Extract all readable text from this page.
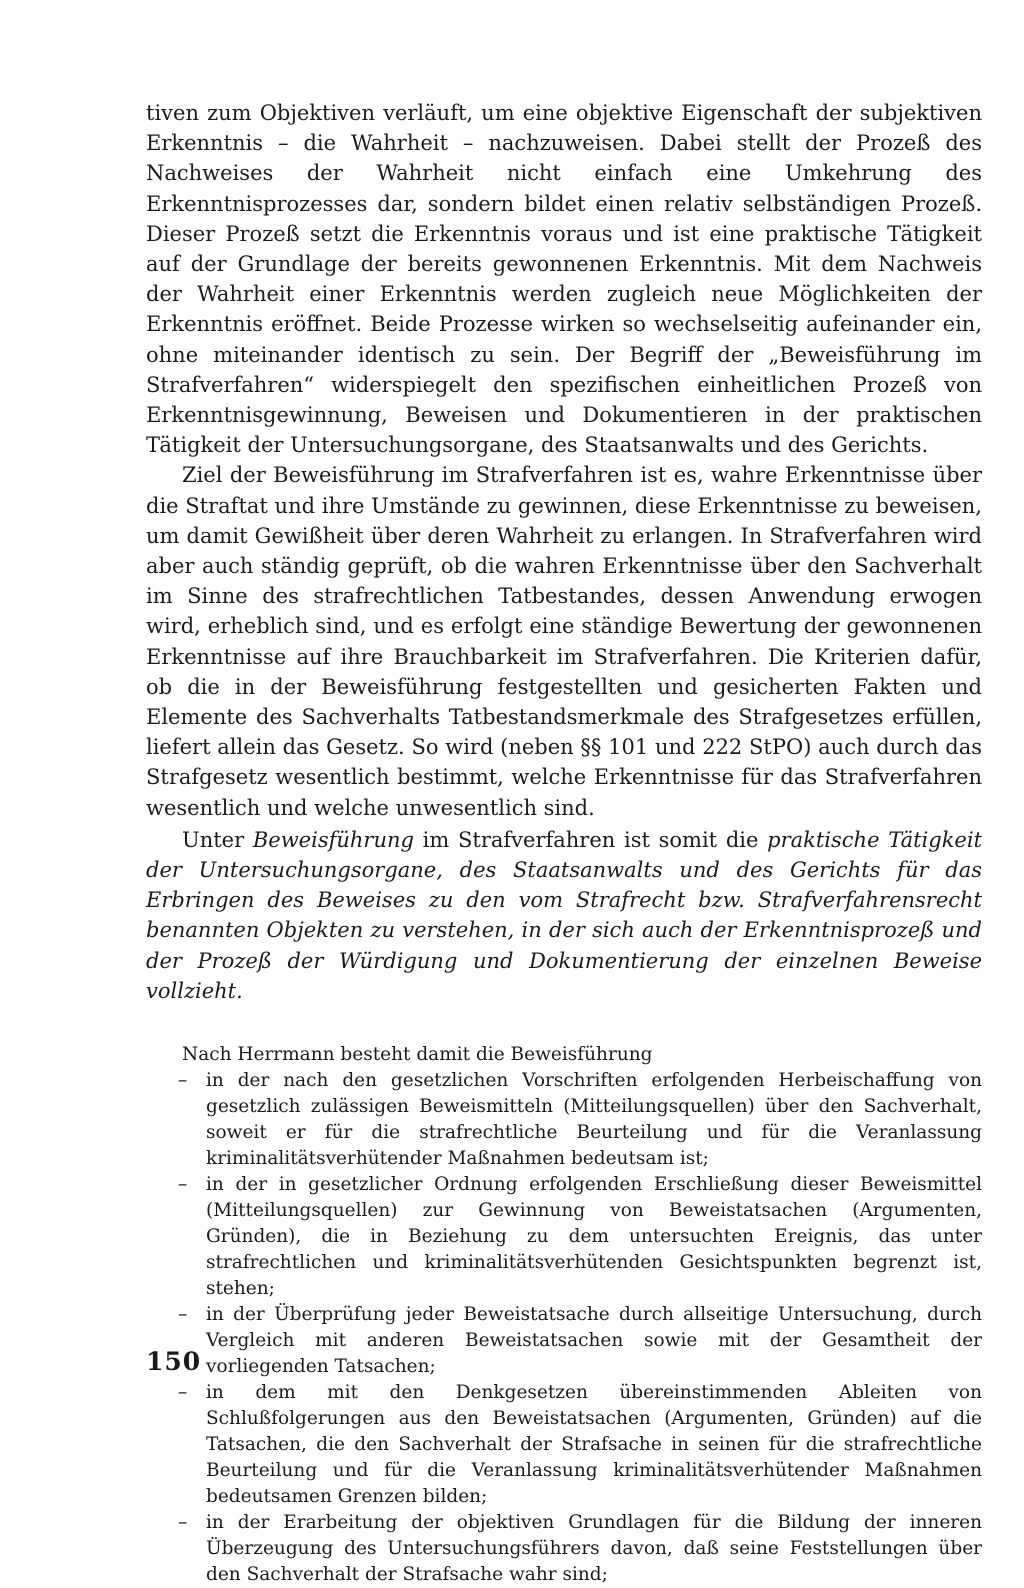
tiven zum Objektiven verläuft, um eine objektive Eigenschaft der subjektiven Erkenntnis – die Wahrheit – nachzuweisen. Dabei stellt der Prozeß des Nachweises der Wahrheit nicht einfach eine Umkehrung des Erkenntnisprozesses dar, sondern bildet einen relativ selbständigen Prozeß. Dieser Prozeß setzt die Erkenntnis voraus und ist eine praktische Tätigkeit auf der Grundlage der bereits gewonnenen Erkenntnis. Mit dem Nachweis der Wahrheit einer Erkenntnis werden zugleich neue Möglichkeiten der Erkenntnis eröffnet. Beide Prozesse wirken so wechselseitig aufeinander ein, ohne miteinander identisch zu sein. Der Begriff der „Beweisführung im Strafverfahren“ widerspiegelt den spezifischen einheitlichen Prozeß von Erkenntnisgewinnung, Beweisen und Dokumentieren in der praktischen Tätigkeit der Untersuchungsorgane, des Staatsanwalts und des Gerichts.

Ziel der Beweisführung im Strafverfahren ist es, wahre Erkenntnisse über die Straftat und ihre Umstände zu gewinnen, diese Erkenntnisse zu beweisen, um damit Gewißheit über deren Wahrheit zu erlangen. In Strafverfahren wird aber auch ständig geprüft, ob die wahren Erkenntnisse über den Sachverhalt im Sinne des strafrechtlichen Tatbestandes, dessen Anwendung erwogen wird, erheblich sind, und es erfolgt eine ständige Bewertung der gewonnenen Erkenntnisse auf ihre Brauchbarkeit im Strafverfahren. Die Kriterien dafür, ob die in der Beweisführung festgestellten und gesicherten Fakten und Elemente des Sachverhalts Tatbestandsmerkmale des Strafgesetzes erfüllen, liefert allein das Gesetz. So wird (neben §§ 101 und 222 StPO) auch durch das Strafgesetz wesentlich bestimmt, welche Erkenntnisse für das Strafverfahren wesentlich und welche unwesentlich sind.

Unter Beweisführung im Strafverfahren ist somit die praktische Tätigkeit der Untersuchungsorgane, des Staatsanwalts und des Gerichts für das Erbringen des Beweises zu den vom Strafrecht bzw. Strafverfahrensrecht benannten Objekten zu verstehen, in der sich auch der Erkenntnisprozeß und der Prozeß der Würdigung und Dokumentierung der einzelnen Beweise vollzieht.

Nach Herrmann besteht damit die Beweisführung

– in der nach den gesetzlichen Vorschriften erfolgenden Herbeischaffung von gesetzlich zulässigen Beweismitteln (Mitteilungsquellen) über den Sachverhalt, soweit er für die strafrechtliche Beurteilung und für die Veranlassung kriminalitätsverhütender Maßnahmen bedeutsam ist;
– in der in gesetzlicher Ordnung erfolgenden Erschließung dieser Beweismittel (Mitteilungsquellen) zur Gewinnung von Beweistatsachen (Argumenten, Gründen), die in Beziehung zu dem untersuchten Ereignis, das unter strafrechtlichen und kriminalitätsverhütenden Gesichtspunkten begrenzt ist, stehen;
– in der Überprüfung jeder Beweistatsache durch allseitige Untersuchung, durch Vergleich mit anderen Beweistatsachen sowie mit der Gesamtheit der vorliegenden Tatsachen;
– in dem mit den Denkgesetzen übereinstimmenden Ableiten von Schlußfolgerungen aus den Beweistatsachen (Argumenten, Gründen) auf die Tatsachen, die den Sachverhalt der Strafsache in seinen für die strafrechtliche Beurteilung und für die Veranlassung kriminalitätsverhütender Maßnahmen bedeutsamen Grenzen bilden;
– in der Erarbeitung der objektiven Grundlagen für die Bildung der inneren Überzeugung des Untersuchungsführers davon, daß seine Feststellungen über den Sachverhalt der Strafsache wahr sind;
150
